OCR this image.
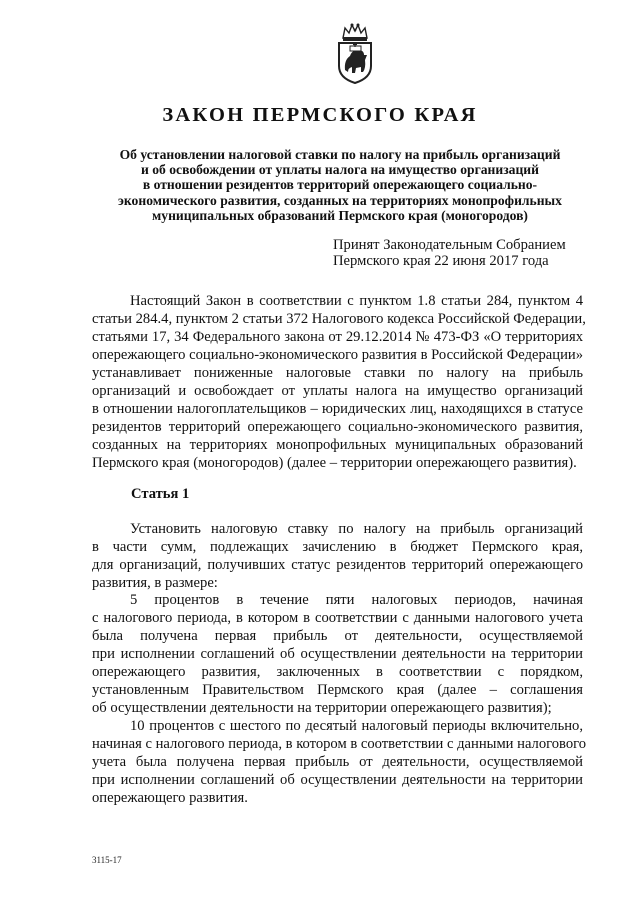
ЗАКОН ПЕРМСКОГО КРАЯ
Об установлении налоговой ставки по налогу на прибыль организаций
и об освобождении от уплаты налога на имущество организаций
в отношении резидентов территорий опережающего социально-
экономического развития, созданных на территориях монопрофильных
муниципальных образований Пермского края (моногородов)
Принят Законодательным Собранием
Пермского края 22 июня 2017 года
Настоящий Закон в соответствии с пунктом 1.8 статьи 284, пунктом 4
статьи 284.4, пунктом 2 статьи 372 Налогового кодекса Российской Федерации,
статьями 17, 34 Федерального закона от 29.12.2014 № 473-ФЗ «О территориях
опережающего социально-экономического развития в Российской Федерации»
устанавливает пониженные налоговые ставки по налогу на прибыль
организаций и освобождает от уплаты налога на имущество организаций
в отношении налогоплательщиков – юридических лиц, находящихся в статусе
резидентов территорий опережающего социально-экономического развития,
созданных на территориях монопрофильных муниципальных образований
Пермского края (моногородов) (далее – территории опережающего развития).
Статья 1
Установить налоговую ставку по налогу на прибыль организаций
в части сумм, подлежащих зачислению в бюджет Пермского края,
для организаций, получивших статус резидентов территорий опережающего
развития, в размере:
5 процентов в течение пяти налоговых периодов, начиная
с налогового периода, в котором в соответствии с данными налогового учета
была получена первая прибыль от деятельности, осуществляемой
при исполнении соглашений об осуществлении деятельности на территории
опережающего развития, заключенных в соответствии с порядком,
установленным Правительством Пермского края (далее – соглашения
об осуществлении деятельности на территории опережающего развития);
10 процентов с шестого по десятый налоговый периоды включительно,
начиная с налогового периода, в котором в соответствии с данными налогового
учета была получена первая прибыль от деятельности, осуществляемой
при исполнении соглашений об осуществлении деятельности на территории
опережающего развития.
3115-17
